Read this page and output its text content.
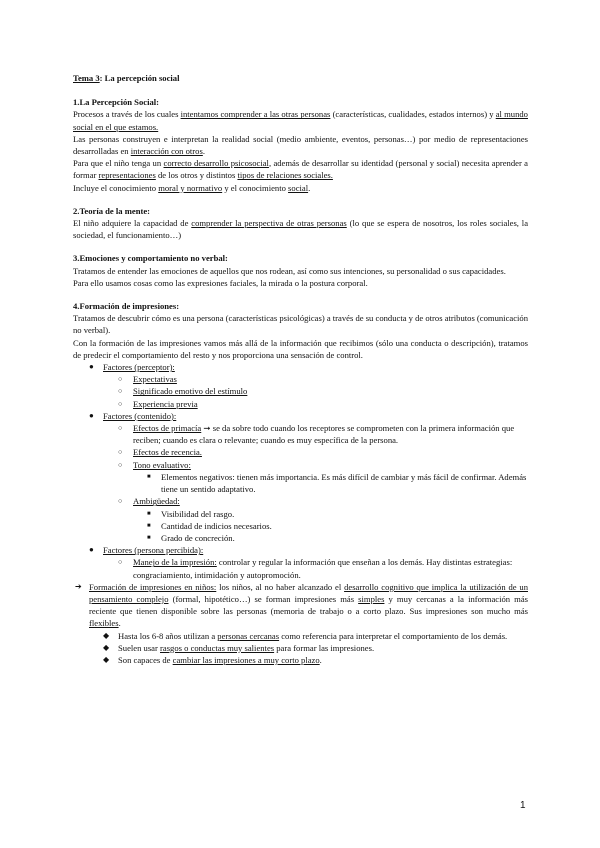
Tema 3: La percepción social

1.La Percepción Social:

Procesos a través de los cuales intentamos comprender a las otras personas (características, cualidades, estados internos) y al mundo social en el que estamos.

Las personas construyen e interpretan la realidad social (medio ambiente, eventos, personas…) por medio de representaciones desarrolladas en interacción con otros.

Para que el niño tenga un correcto desarrollo psicosocial, además de desarrollar su identidad (personal y social) necesita aprender a formar representaciones de los otros y distintos tipos de relaciones sociales.

Incluye el conocimiento moral y normativo y el conocimiento social.

2.Teoría de la mente:

El niño adquiere la capacidad de comprender la perspectiva de otras personas (lo que se espera de nosotros, los roles sociales, la sociedad, el funcionamiento…)

3.Emociones y comportamiento no verbal:

Tratamos de entender las emociones de aquellos que nos rodean, así como sus intenciones, su personalidad o sus capacidades.

Para ello usamos cosas como las expresiones faciales, la mirada o la postura corporal.

4.Formación de impresiones:

Tratamos de descubrir cómo es una persona (características psicológicas) a través de su conducta y de otros atributos (comunicación no verbal).

Con la formación de las impresiones vamos más allá de la información que recibimos (sólo una conducta o descripción), tratamos de predecir el comportamiento del resto y nos proporciona una sensación de control.

● Factores (perceptor):
○ Expectativas
○ Significado emotivo del estímulo
○ Experiencia previa
● Factores (contenido):
○ Efectos de primacía ➞ se da sobre todo cuando los receptores se comprometen con la primera información que reciben; cuando es clara o relevante; cuando es muy específica de la persona.
○ Efectos de recencia.
○ Tono evaluativo:
■ Elementos negativos: tienen más importancia. Es más difícil de cambiar y más fácil de confirmar. Además tiene un sentido adaptativo.
○ Ambigüedad:
■ Visibilidad del rasgo.
■ Cantidad de indicios necesarios.
■ Grado de concreción.
● Factores (persona percibida):
○ Manejo de la impresión: controlar y regular la información que enseñan a los demás. Hay distintas estrategias: congraciamiento, intimidación y autopromoción.
➔ Formación de impresiones en niños: los niños, al no haber alcanzado el desarrollo cognitivo que implica la utilización de un pensamiento complejo (formal, hipotético…) se forman impresiones más simples y muy cercanas a la información más reciente que tienen disponible sobre las personas (memoria de trabajo o a corto plazo. Sus impresiones son mucho más flexibles.

◆ Hasta los 6-8 años utilizan a personas cercanas como referencia para interpretar el comportamiento de los demás.

◆ Suelen usar rasgos o conductas muy salientes para formar las impresiones.

◆ Son capaces de cambiar las impresiones a muy corto plazo.

1
